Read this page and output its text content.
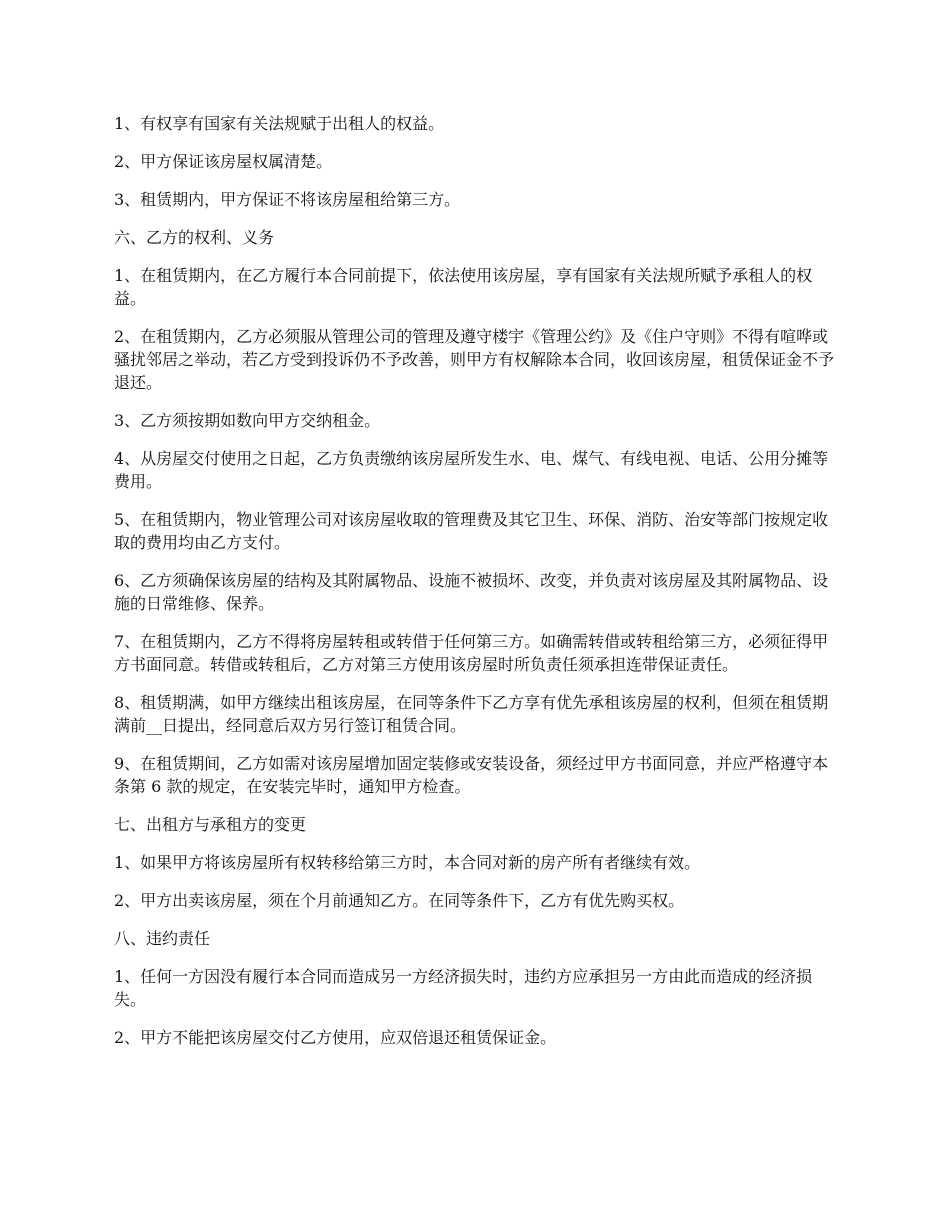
1、有权享有国家有关法规赋于出租人的权益。

2、甲方保证该房屋权属清楚。

3、租赁期内，甲方保证不将该房屋租给第三方。

六、乙方的权利、义务

1、在租赁期内，在乙方履行本合同前提下，依法使用该房屋，享有国家有关法规所赋予承租人的权益。

2、在租赁期内，乙方必须服从管理公司的管理及遵守楼宇《管理公约》及《住户守则》不得有喧哗或骚扰邻居之举动，若乙方受到投诉仍不予改善，则甲方有权解除本合同，收回该房屋，租赁保证金不予退还。

3、乙方须按期如数向甲方交纳租金。

4、从房屋交付使用之日起，乙方负责缴纳该房屋所发生水、电、煤气、有线电视、电话、公用分摊等费用。

5、在租赁期内，物业管理公司对该房屋收取的管理费及其它卫生、环保、消防、治安等部门按规定收取的费用均由乙方支付。

6、乙方须确保该房屋的结构及其附属物品、设施不被损坏、改变，并负责对该房屋及其附属物品、设施的日常维修、保养。

7、在租赁期内，乙方不得将房屋转租或转借于任何第三方。如确需转借或转租给第三方，必须征得甲方书面同意。转借或转租后，乙方对第三方使用该房屋时所负责任须承担连带保证责任。

8、租赁期满，如甲方继续出租该房屋，在同等条件下乙方享有优先承租该房屋的权利，但须在租赁期满前__日提出，经同意后双方另行签订租赁合同。

9、在租赁期间，乙方如需对该房屋增加固定装修或安装设备，须经过甲方书面同意，并应严格遵守本条第 6 款的规定，在安装完毕时，通知甲方检查。

七、出租方与承租方的变更

1、如果甲方将该房屋所有权转移给第三方时，本合同对新的房产所有者继续有效。

2、甲方出卖该房屋，须在个月前通知乙方。在同等条件下，乙方有优先购买权。

八、违约责任

1、任何一方因没有履行本合同而造成另一方经济损失时，违约方应承担另一方由此而造成的经济损失。

2、甲方不能把该房屋交付乙方使用，应双倍退还租赁保证金。
